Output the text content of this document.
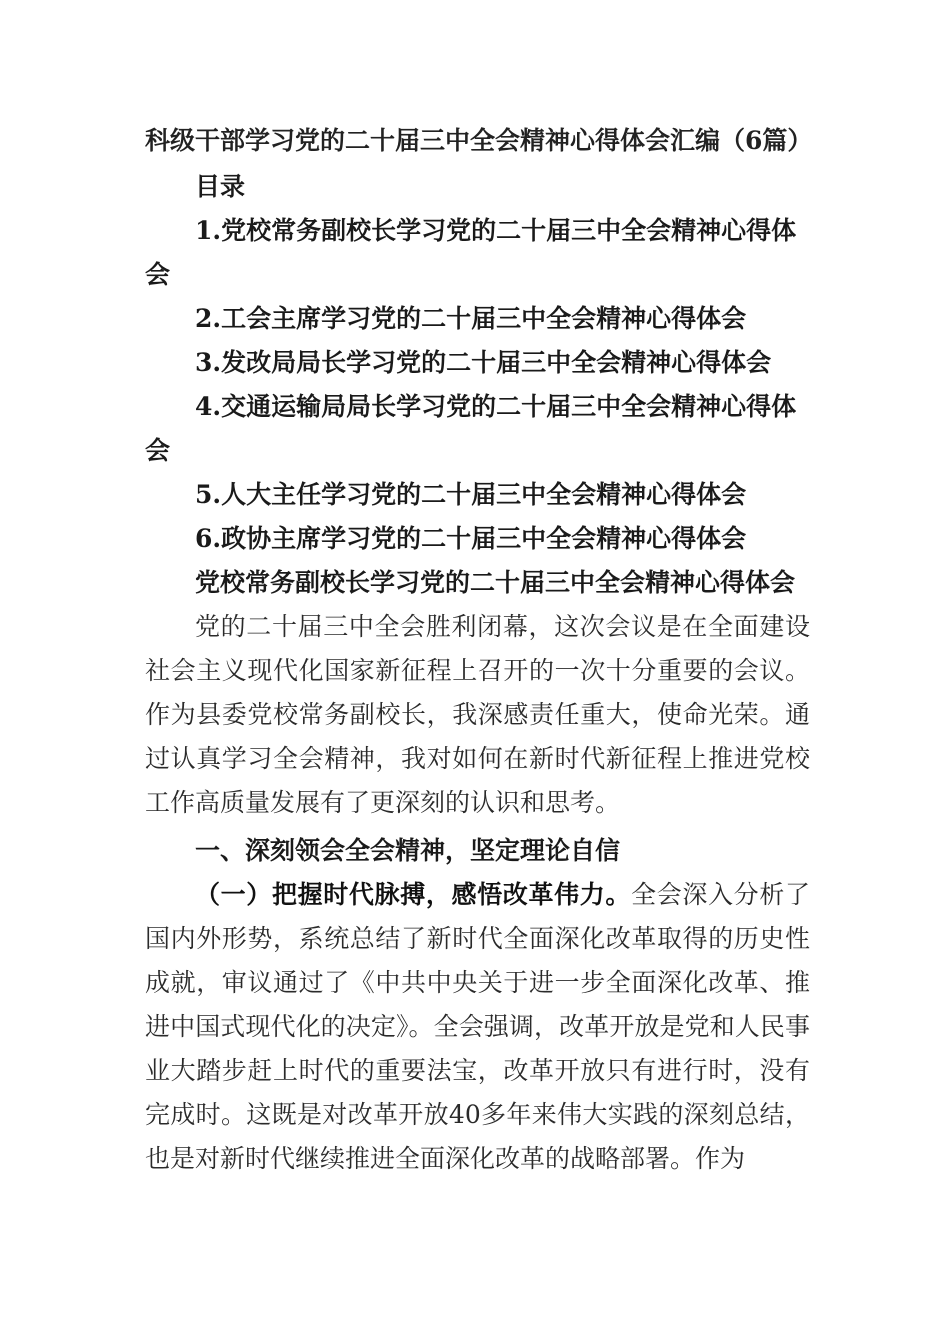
科级干部学习党的二十届三中全会精神心得体会汇编（6篇）

目录

1.党校常务副校长学习党的二十届三中全会精神心得体会
2.工会主席学习党的二十届三中全会精神心得体会
3.发改局局长学习党的二十届三中全会精神心得体会
4.交通运输局局长学习党的二十届三中全会精神心得体会
5.人大主任学习党的二十届三中全会精神心得体会
6.政协主席学习党的二十届三中全会精神心得体会

党校常务副校长学习党的二十届三中全会精神心得体会

党的二十届三中全会胜利闭幕，这次会议是在全面建设社会主义现代化国家新征程上召开的一次十分重要的会议。作为县委党校常务副校长，我深感责任重大，使命光荣。通过认真学习全会精神，我对如何在新时代新征程上推进党校工作高质量发展有了更深刻的认识和思考。

一、深刻领会全会精神，坚定理论自信

（一）把握时代脉搏，感悟改革伟力。全会深入分析了国内外形势，系统总结了新时代全面深化改革取得的历史性成就，审议通过了《中共中央关于进一步全面深化改革、推进中国式现代化的决定》。全会强调，改革开放是党和人民事业大踏步赶上时代的重要法宝，改革开放只有进行时，没有完成时。这既是对改革开放40多年来伟大实践的深刻总结，也是对新时代继续推进全面深化改革的战略部署。作为
